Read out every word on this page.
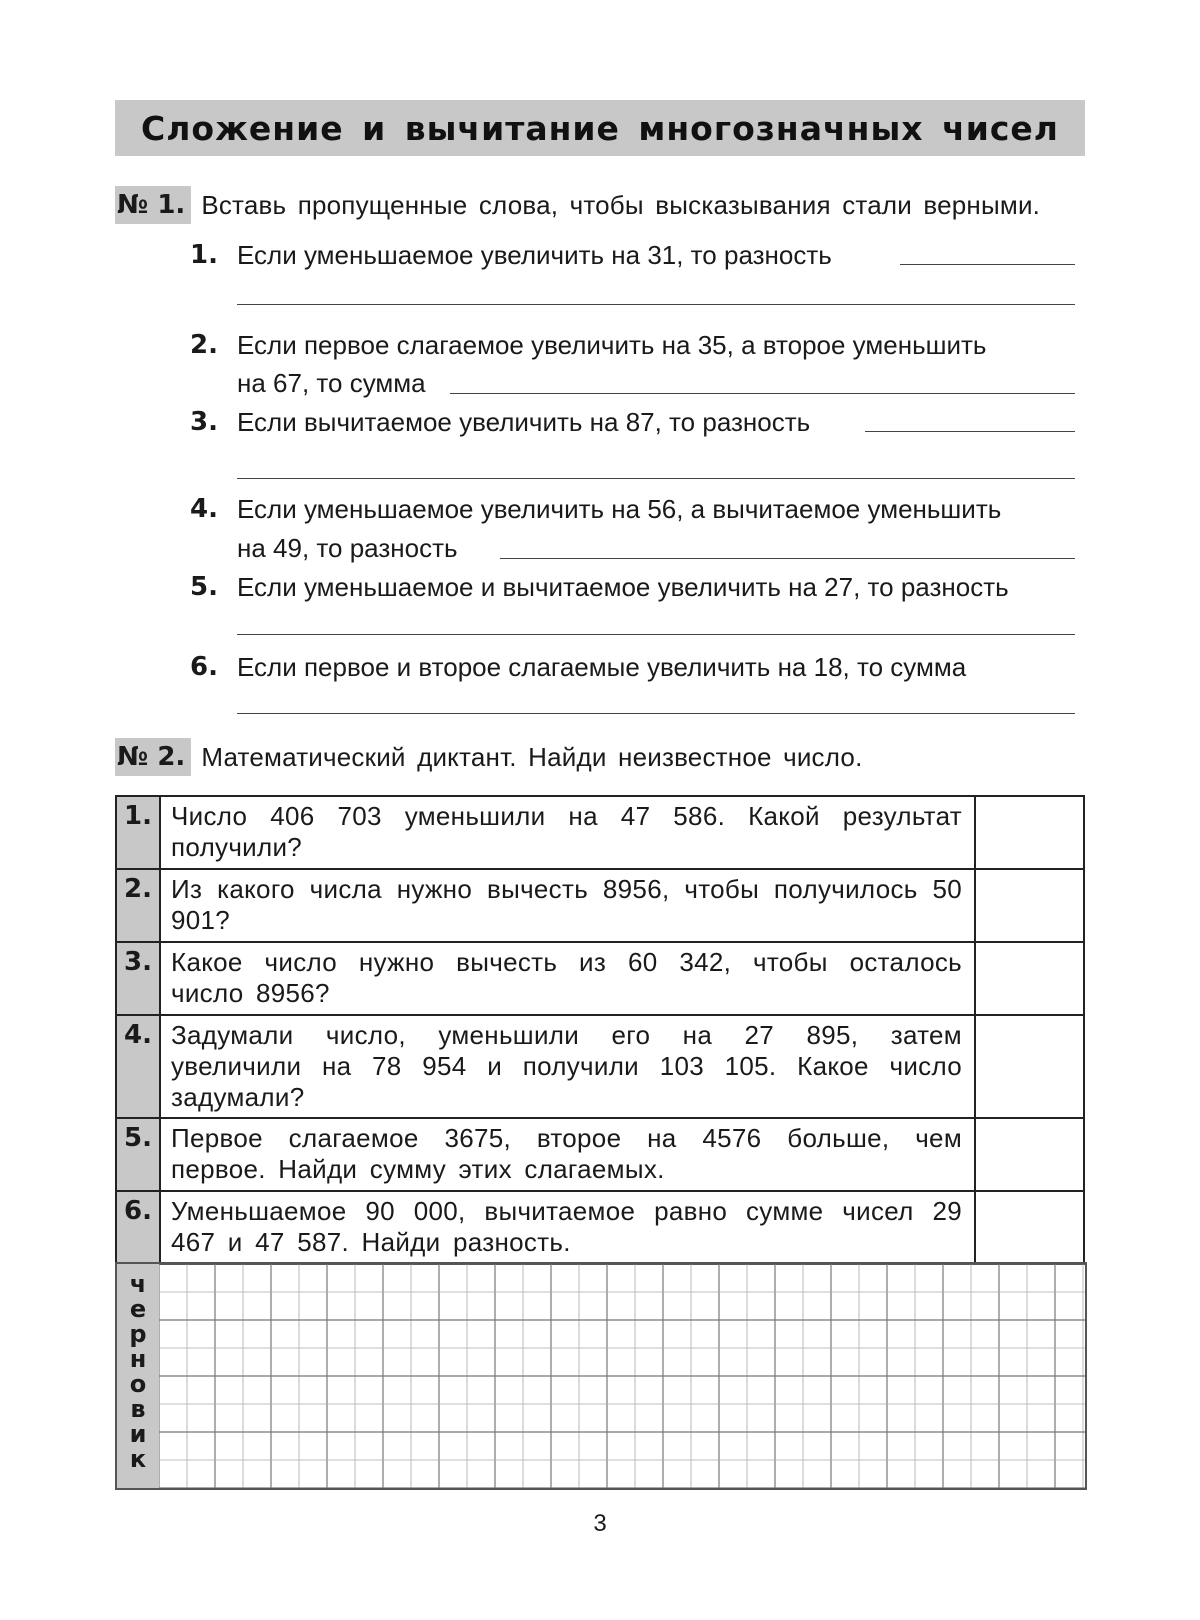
Сложение и вычитание многозначных чисел
№ 1. Вставь пропущенные слова, чтобы высказывания стали верными.
1. Если уменьшаемое увеличить на 31, то разность
2. Если первое слагаемое увеличить на 35, а второе уменьшить
на 67, то сумма
3. Если вычитаемое увеличить на 87, то разность
4. Если уменьшаемое увеличить на 56, а вычитаемое уменьшить
на 49, то разность
5. Если уменьшаемое и вычитаемое увеличить на 27, то разность
6. Если первое и второе слагаемые увеличить на 18, то сумма
№ 2. Математический диктант. Найди неизвестное число.
1.	Число 406 703 уменьшили на 47 586. Какой результат получили?	
2.	Из какого числа нужно вычесть 8956, чтобы получилось 50 901?	
3.	Какое число нужно вычесть из 60 342, чтобы осталось число 8956?	
4.	Задумали число, уменьшили его на 27 895, затем увеличили на 78 954 и получили 103 105. Какое число задумали?	
5.	Первое слагаемое 3675, второе на 4576 больше, чем первое. Найди сумму этих слагаемых.	
6.	Уменьшаемое 90 000, вычитаемое равно сумме чисел 29 467 и 47 587. Найди разность.	
ч
е
р
н
о
в
и
к
3
